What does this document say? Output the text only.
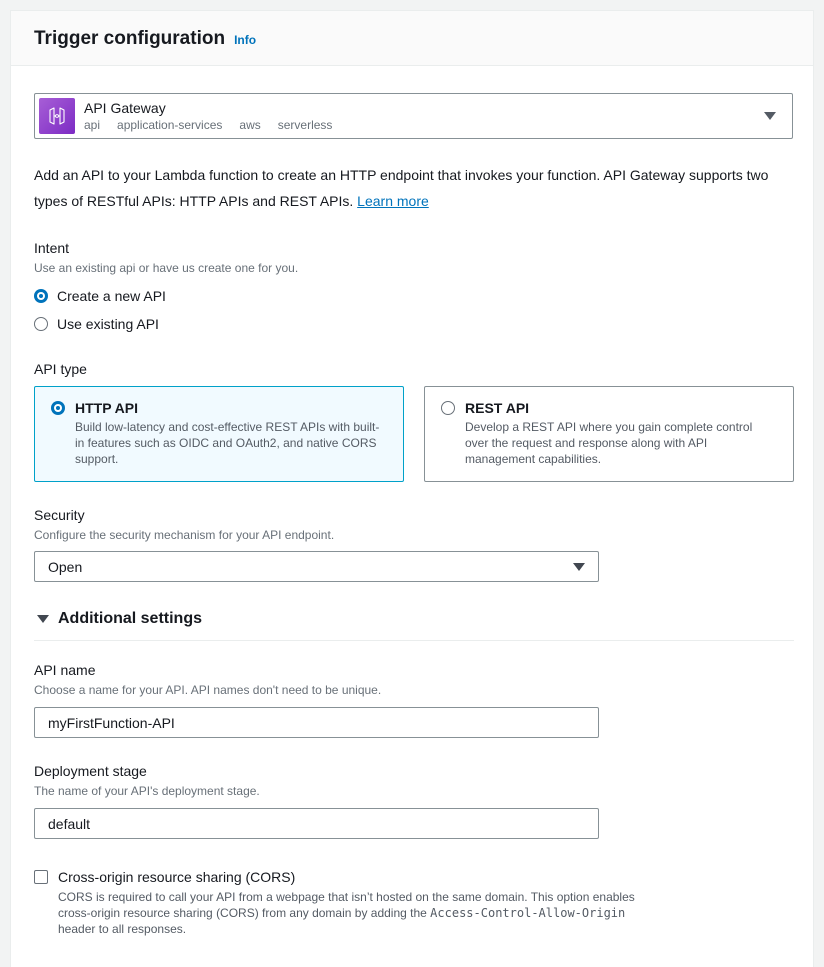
Trigger configuration Info
API Gateway
api application-services aws serverless

Add an API to your Lambda function to create an HTTP endpoint that invokes your function. API Gateway supports two types of RESTful APIs: HTTP APIs and REST APIs. Learn more

Intent
Use an existing api or have us create one for you.
Create a new API
Use existing API
API type
HTTP API
Build low-latency and cost-effective REST APIs with built-in features such as OIDC and OAuth2, and native CORS support.
REST API
Develop a REST API where you gain complete control over the request and response along with API management capabilities.
Security
Configure the security mechanism for your API endpoint.
Open
Additional settings
API name
Choose a name for your API. API names don't need to be unique.
myFirstFunction-API
Deployment stage
The name of your API's deployment stage.
default
Cross-origin resource sharing (CORS)
CORS is required to call your API from a webpage that isn’t hosted on the same domain. This option enables cross-origin resource sharing (CORS) from any domain by adding the Access-Control-Allow-Origin header to all responses.
